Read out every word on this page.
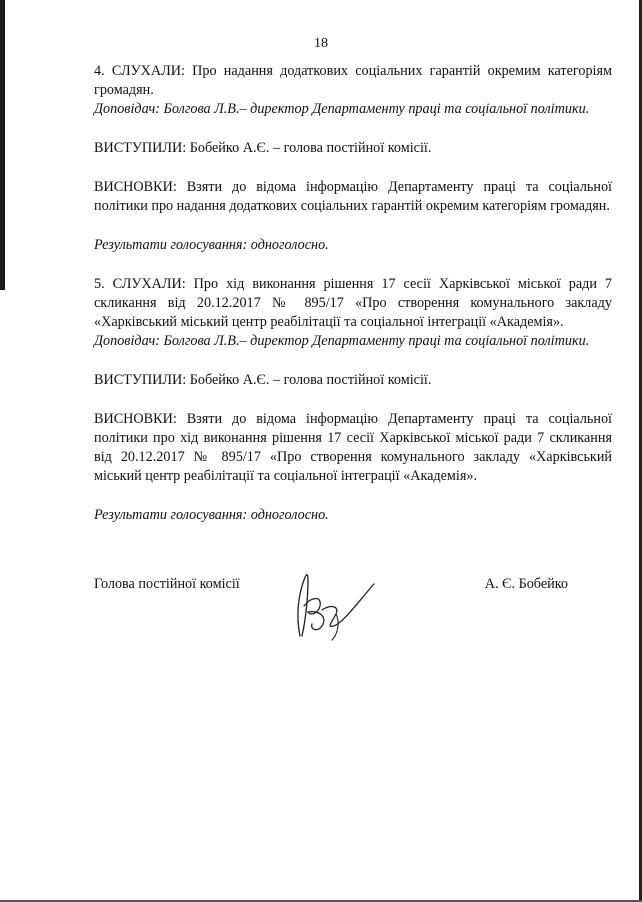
18

4. СЛУХАЛИ: Про надання додаткових соціальних гарантій окремим категоріям громадян.

Доповідач: Болгова Л.В.– директор Департаменту праці та соціальної політики.

ВИСТУПИЛИ: Бобейко А.Є. – голова постійної комісії.

ВИСНОВКИ: Взяти до відома інформацію Департаменту праці та соціальної політики про надання додаткових соціальних гарантій окремим категоріям громадян.

Результати голосування: одноголосно.

5. СЛУХАЛИ: Про хід виконання рішення 17 сесії Харківської міської ради 7 скликання від 20.12.2017 № 895/17 «Про створення комунального закладу «Харківський міський центр реабілітації та соціальної інтеграції «Академія».

Доповідач: Болгова Л.В.– директор Департаменту праці та соціальної політики.

ВИСТУПИЛИ: Бобейко А.Є. – голова постійної комісії.

ВИСНОВКИ: Взяти до відома інформацію Департаменту праці та соціальної політики про хід виконання рішення 17 сесії Харківської міської ради 7 скликання від 20.12.2017 № 895/17 «Про створення комунального закладу «Харківський міський центр реабілітації та соціальної інтеграції «Академія».

Результати голосування: одноголосно.

Голова постійної комісії	А. Є. Бобейко
